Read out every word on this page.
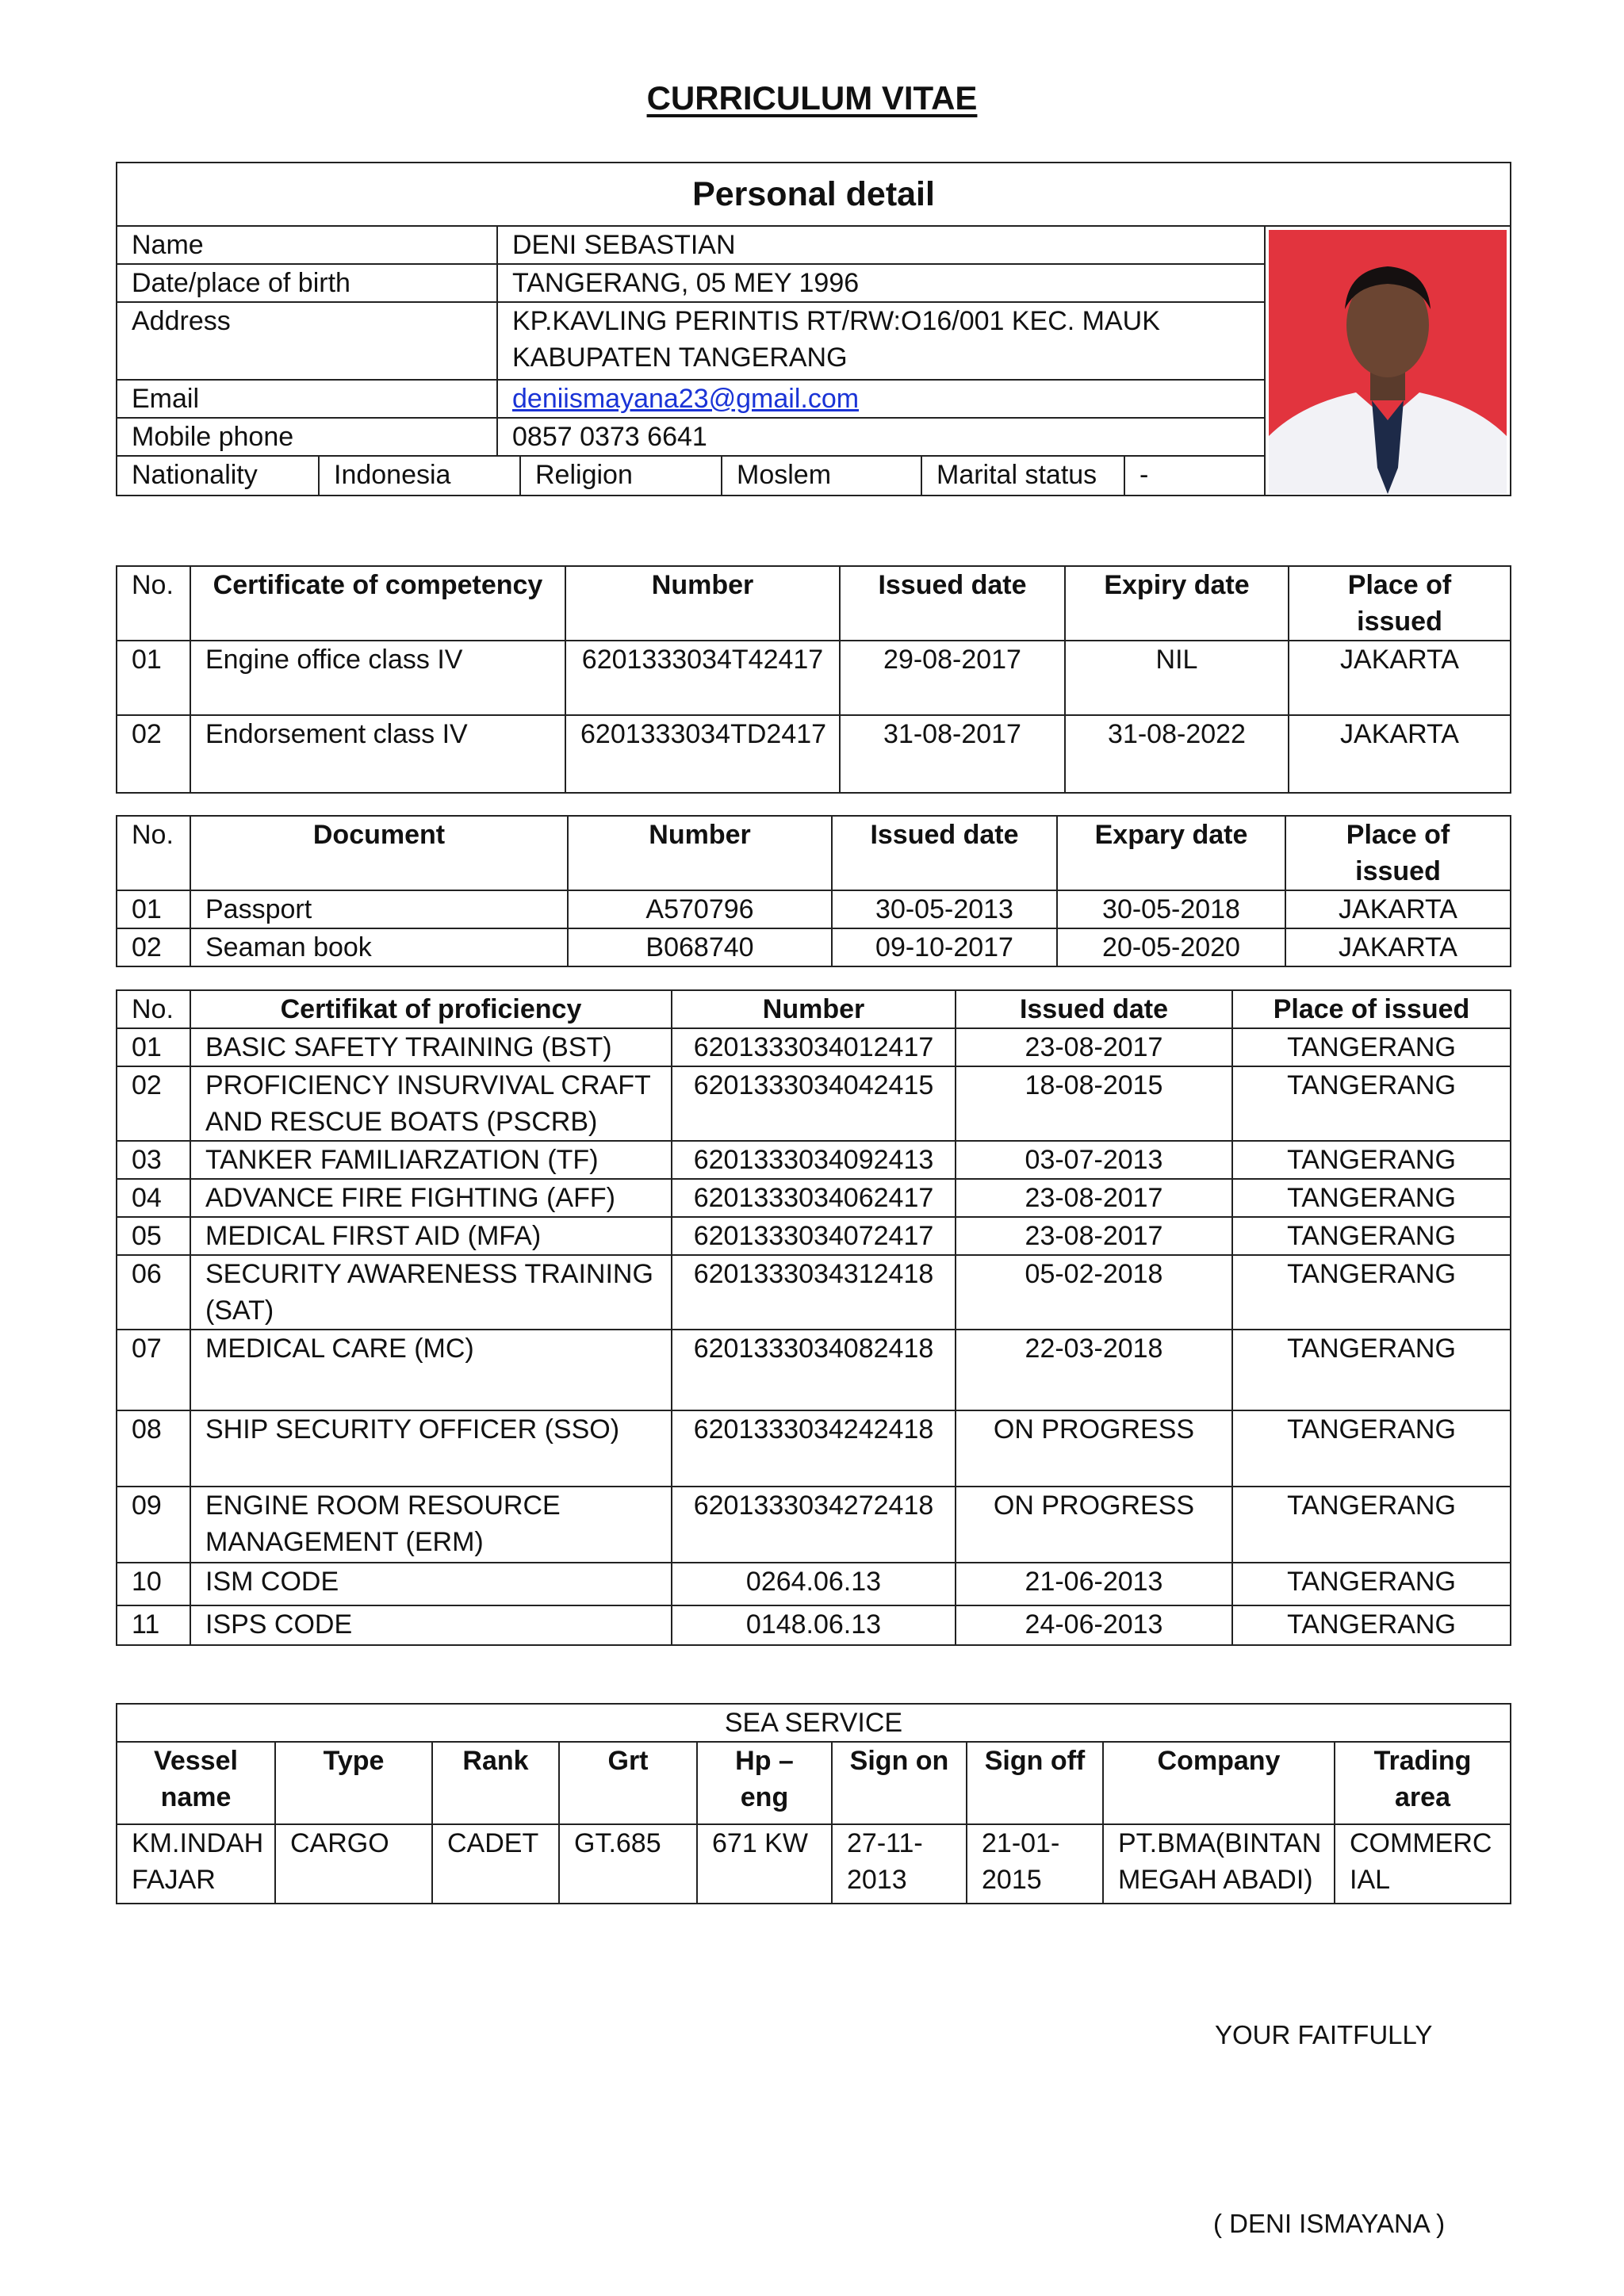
CURRICULUM VITAE
Personal detail
Name	DENI SEBASTIAN	

Date/place of birth	TANGERANG, 05 MEY 1996
Address	KP.KAVLING PERINTIS RT/RW:O16/001 KEC. MAUK
KABUPATEN TANGERANG

Email	deniismayana23@gmail.com
Mobile phone	0857 0373 6641

Nationality	Indonesia	Religion	Moslem	Marital status	-
No.	Certificate of competency	Number	Issued date	Expiry date	Place of issued
01	Engine office class IV	6201333034T42417	29-08-2017	NIL	JAKARTA
02	Endorsement class IV	6201333034TD2417	31-08-2017	31-08-2022	JAKARTA
No.	Document	Number	Issued date	Expary date	Place of issued
01	Passport	A570796	30-05-2013	30-05-2018	JAKARTA
02	Seaman book	B068740	09-10-2017	20-05-2020	JAKARTA
No.	Certifikat of proficiency	Number	Issued date	Place of issued
01	BASIC SAFETY TRAINING (BST)	6201333034012417	23-08-2017	TANGERANG
02	PROFICIENCY INSURVIVAL CRAFT AND RESCUE BOATS (PSCRB)	6201333034042415	18-08-2015	TANGERANG
03	TANKER FAMILIARZATION (TF)	6201333034092413	03-07-2013	TANGERANG
04	ADVANCE FIRE FIGHTING (AFF)	6201333034062417	23-08-2017	TANGERANG
05	MEDICAL FIRST AID (MFA)	6201333034072417	23-08-2017	TANGERANG
06	SECURITY AWARENESS TRAINING (SAT)	6201333034312418	05-02-2018	TANGERANG
07	MEDICAL CARE (MC)	6201333034082418	22-03-2018	TANGERANG
08	SHIP SECURITY OFFICER (SSO)	6201333034242418	ON PROGRESS	TANGERANG
09	ENGINE ROOM RESOURCE MANAGEMENT (ERM)	6201333034272418	ON PROGRESS	TANGERANG
10	ISM CODE	0264.06.13	21-06-2013	TANGERANG
11	ISPS CODE	0148.06.13	24-06-2013	TANGERANG
SEA SERVICE								
Vessel name	Type	Rank	Grt	Hp – eng	Sign on	Sign off	Company	Trading area
KM.INDAH FAJAR	CARGO	CADET	GT.685	671 KW	27-11-2013	21-01-2015	PT.BMA(BINTAN MEGAH ABADI)	COMMERCIAL
YOUR FAITFULLY
( DENI ISMAYANA )
